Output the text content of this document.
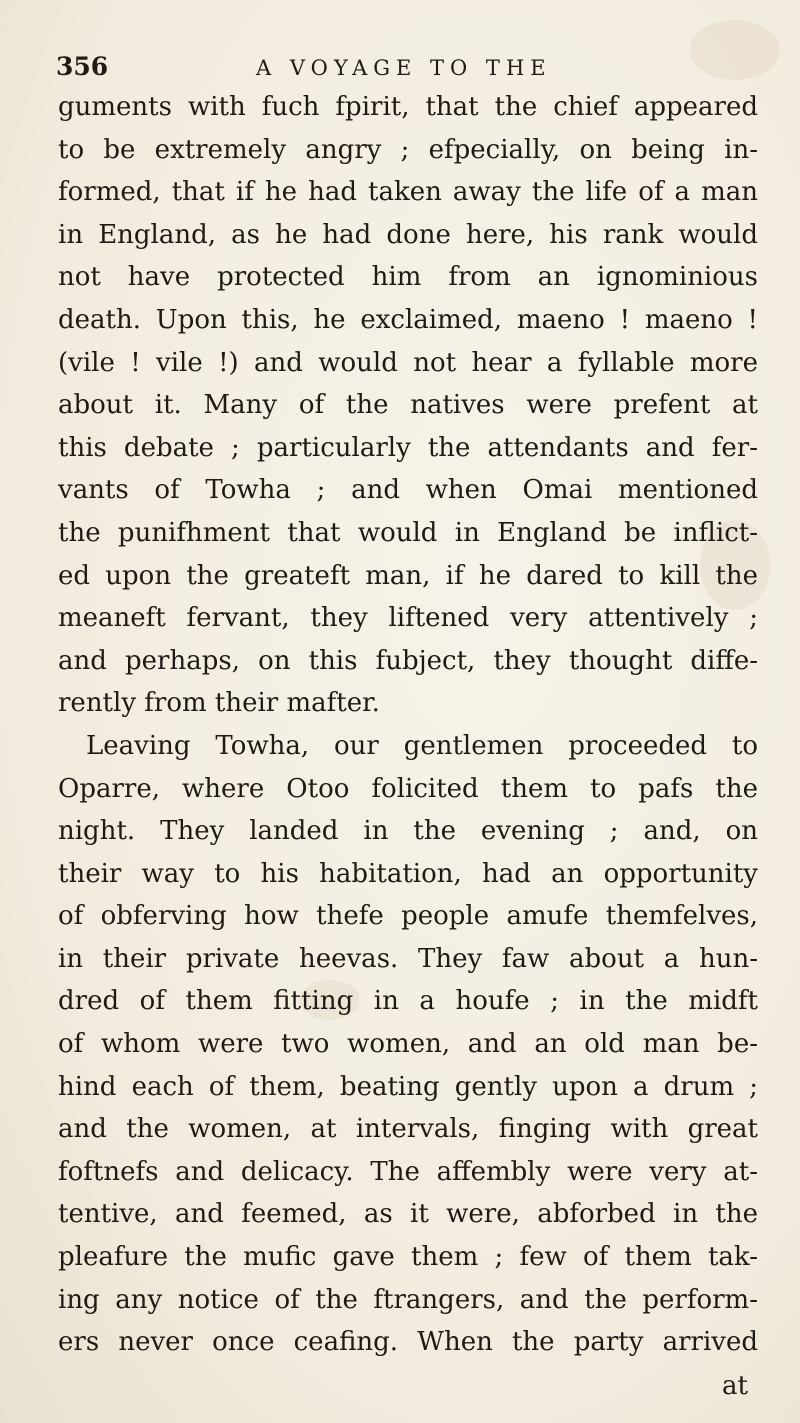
356	A VOYAGE TO THE
guments with fuch fpirit, that the chief appeared
to be extremely angry ; efpecially, on being in-
formed, that if he had taken away the life of a man
in England, as he had done here, his rank would
not have protected him from an ignominious
death. Upon this, he exclaimed, maeno ! maeno !
(vile ! vile !) and would not hear a fyllable more
about it. Many of the natives were prefent at
this debate ; particularly the attendants and fer-
vants of Towha ; and when Omai mentioned
the punifhment that would in England be inflict-
ed upon the greateft man, if he dared to kill the
meaneft fervant, they liftened very attentively ;
and perhaps, on this fubject, they thought diffe-
rently from their mafter.
Leaving Towha, our gentlemen proceeded to
Oparre, where Otoo folicited them to pafs the
night. They landed in the evening ; and, on
their way to his habitation, had an opportunity
of obferving how thefe people amufe themfelves,
in their private heevas. They faw about a hun-
dred of them fitting in a houfe ; in the midft
of whom were two women, and an old man be-
hind each of them, beating gently upon a drum ;
and the women, at intervals, finging with great
foftnefs and delicacy. The affembly were very at-
tentive, and feemed, as it were, abforbed in the
pleafure the mufic gave them ; few of them tak-
ing any notice of the ftrangers, and the perform-
ers never once ceafing. When the party arrived
at
